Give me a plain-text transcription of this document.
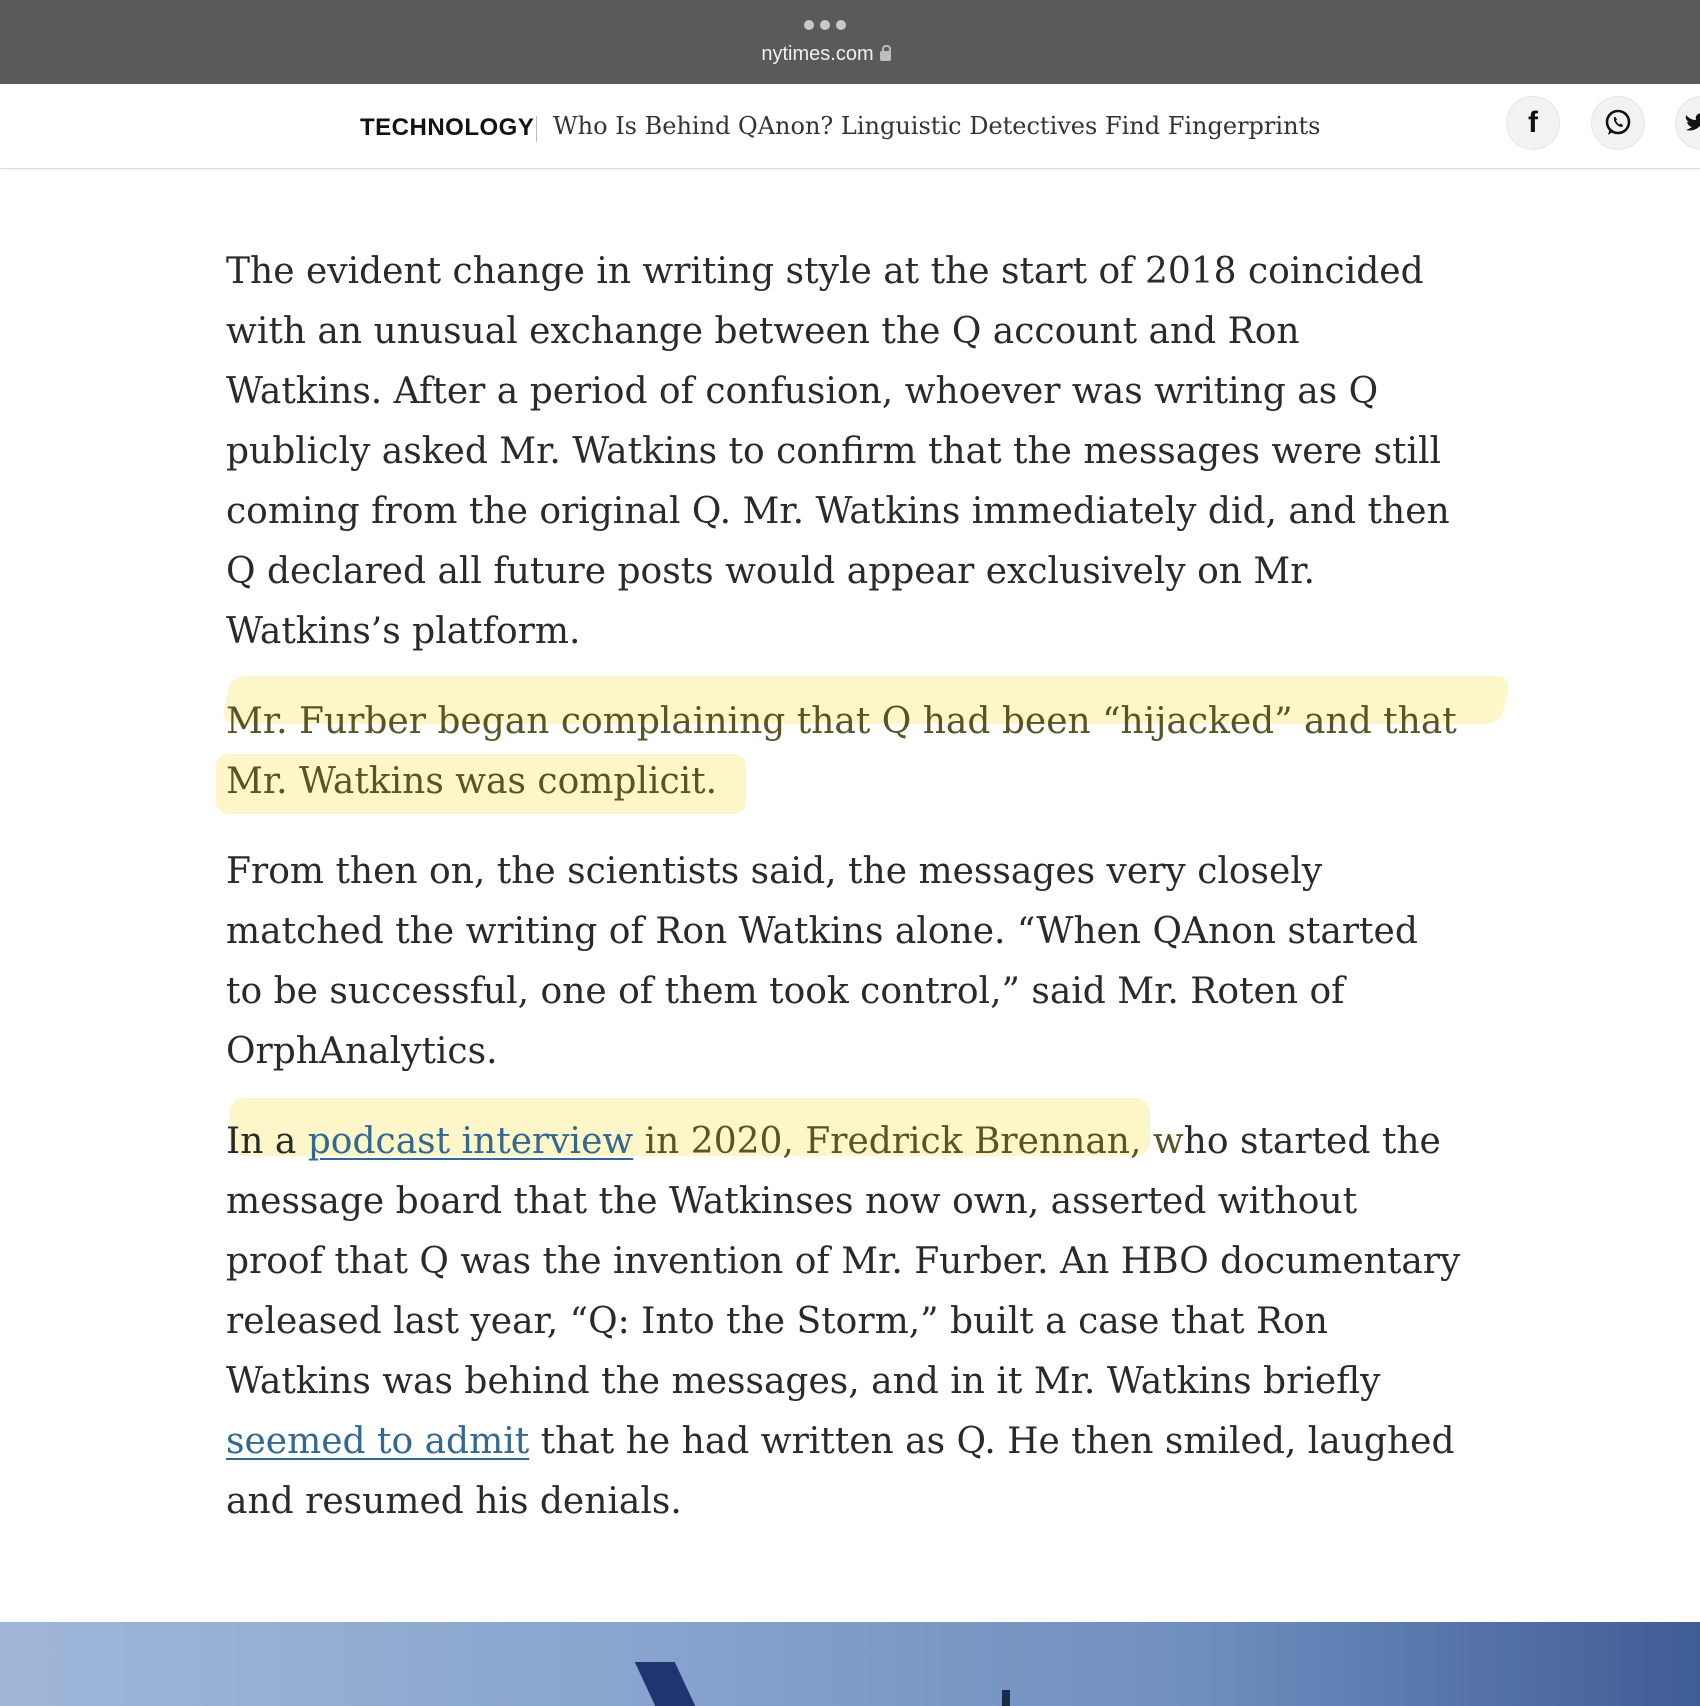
nytimes.com
TECHNOLOGY Who Is Behind QAnon? Linguistic Detectives Find Fingerprints	f
The evident change in writing style at the start of 2018 coincided
with an unusual exchange between the Q account and Ron
Watkins. After a period of confusion, whoever was writing as Q
publicly asked Mr. Watkins to confirm that the messages were still
coming from the original Q. Mr. Watkins immediately did, and then
Q declared all future posts would appear exclusively on Mr.
Watkins’s platform.
Mr. Furber began complaining that Q had been “hijacked” and that
Mr. Watkins was complicit.
From then on, the scientists said, the messages very closely
matched the writing of Ron Watkins alone. “When QAnon started
to be successful, one of them took control,” said Mr. Roten of
OrphAnalytics.
In a podcast interview in 2020, Fredrick Brennan, who started the
message board that the Watkinses now own, asserted without
proof that Q was the invention of Mr. Furber. An HBO documentary
released last year, “Q: Into the Storm,” built a case that Ron
Watkins was behind the messages, and in it Mr. Watkins briefly
seemed to admit that he had written as Q. He then smiled, laughed
and resumed his denials.
